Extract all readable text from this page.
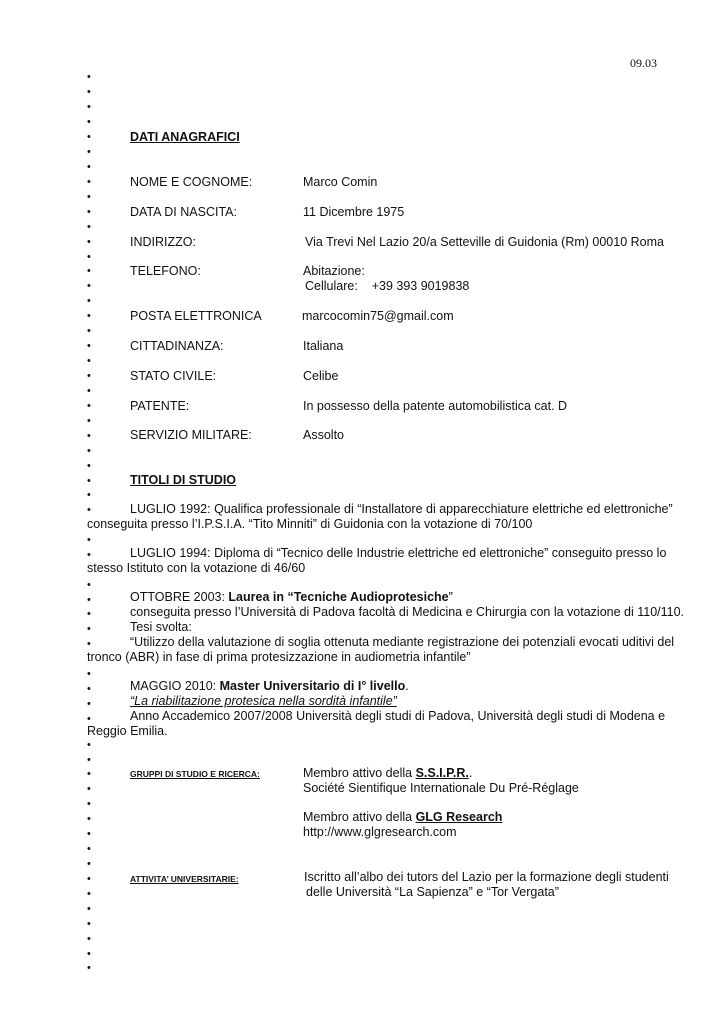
09.03
•
•
•
•
•
•
•
•
•
•
•
•
•
•
•
•
•
•
•
•
•
•
•
•
•
•
•
•
•
•
•
•
•
•
•
•
•
•
•
•
•
•
•
•
•
•
•
•
•
•
•
•
•
•
•
•
•
DATI ANAGRAFICI
NOME E COGNOME:	Marco Comin
DATA DI NASCITA:	11 Dicembre 1975
INDIRIZZO:	Via Trevi Nel Lazio 20/a Setteville di Guidonia (Rm) 00010 Roma
TELEFONO:	Abitazione:
Cellulare:    +39 393 9019838
POSTA ELETTRONICA	marcocomin75@gmail.com
CITTADINANZA:	Italiana
STATO CIVILE:	Celibe
PATENTE:	In possesso della patente automobilistica cat. D
SERVIZIO MILITARE:	Assolto
TITOLI DI STUDIO
LUGLIO 1992: Qualifica professionale di “Installatore di apparecchiature elettriche ed elettroniche” conseguita presso l’I.P.S.I.A. “Tito Minniti” di Guidonia con la votazione di 70/100
LUGLIO 1994: Diploma di “Tecnico delle Industrie elettriche ed elettroniche” conseguito presso lo stesso Istituto con la votazione di 46/60
OTTOBRE 2003: Laurea in “Tecniche Audioprotesiche”
conseguita presso l’Università di Padova facoltà di Medicina e Chirurgia con la votazione di 110/110.
Tesi svolta:
“Utilizzo della valutazione di soglia ottenuta mediante registrazione dei potenziali evocati uditivi del tronco (ABR) in fase di prima protesizzazione in audiometria infantile”
MAGGIO 2010: Master Universitario di I° livello.
“La riabilitazione protesica nella sordità infantile”
Anno Accademico 2007/2008 Università degli studi di Padova, Università degli studi di Modena e Reggio Emilia.
GRUPPI DI STUDIO E RICERCA:	Membro attivo della S.S.I.P.R..
Société Sientifique Internationale Du Pré-Réglage
Membro attivo della GLG Research
http://www.glgresearch.com
ATTIVITA’ UNIVERSITARIE:	Iscritto all’albo dei tutors del Lazio per la formazione degli studenti
delle Università “La Sapienza” e “Tor Vergata”
